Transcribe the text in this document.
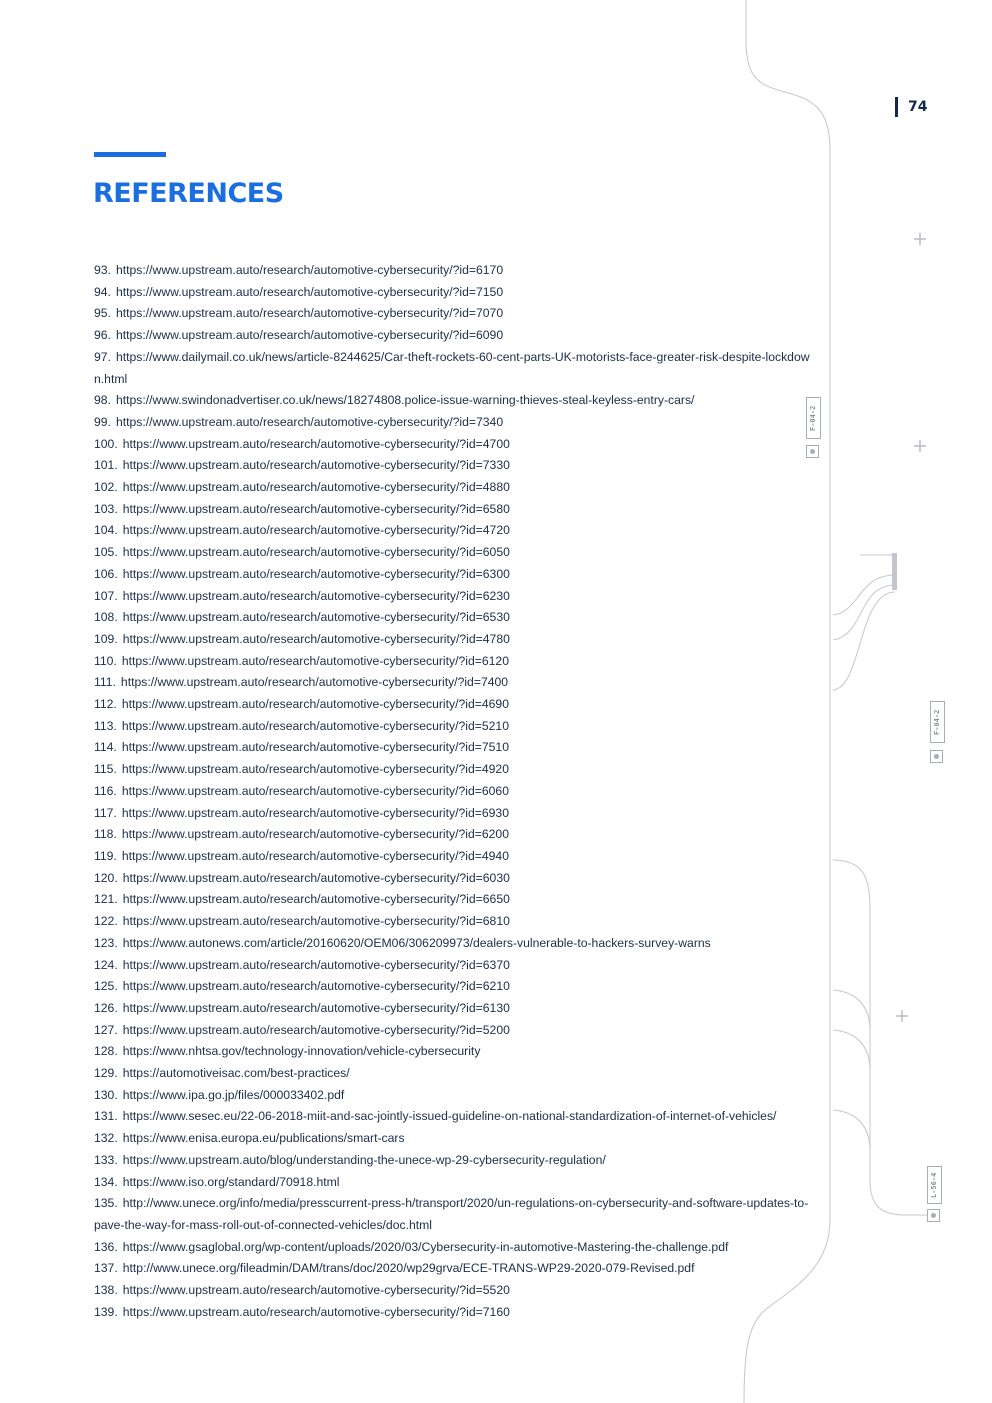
F-04-2
F-04-2
L-56-4
74
REFERENCES
93. https://www.upstream.auto/research/automotive-cybersecurity/?id=6170
94. https://www.upstream.auto/research/automotive-cybersecurity/?id=7150
95. https://www.upstream.auto/research/automotive-cybersecurity/?id=7070
96. https://www.upstream.auto/research/automotive-cybersecurity/?id=6090
97. https://www.dailymail.co.uk/news/article-8244625/Car-theft-rockets-60-cent-parts-UK-motorists-face-greater-risk-despite-lockdown.html
98. https://www.swindonadvertiser.co.uk/news/18274808.police-issue-warning-thieves-steal-keyless-entry-cars/
99. https://www.upstream.auto/research/automotive-cybersecurity/?id=7340
100. https://www.upstream.auto/research/automotive-cybersecurity/?id=4700
101. https://www.upstream.auto/research/automotive-cybersecurity/?id=7330
102. https://www.upstream.auto/research/automotive-cybersecurity/?id=4880
103. https://www.upstream.auto/research/automotive-cybersecurity/?id=6580
104. https://www.upstream.auto/research/automotive-cybersecurity/?id=4720
105. https://www.upstream.auto/research/automotive-cybersecurity/?id=6050
106. https://www.upstream.auto/research/automotive-cybersecurity/?id=6300
107. https://www.upstream.auto/research/automotive-cybersecurity/?id=6230
108. https://www.upstream.auto/research/automotive-cybersecurity/?id=6530
109. https://www.upstream.auto/research/automotive-cybersecurity/?id=4780
110. https://www.upstream.auto/research/automotive-cybersecurity/?id=6120
111. https://www.upstream.auto/research/automotive-cybersecurity/?id=7400
112. https://www.upstream.auto/research/automotive-cybersecurity/?id=4690
113. https://www.upstream.auto/research/automotive-cybersecurity/?id=5210
114. https://www.upstream.auto/research/automotive-cybersecurity/?id=7510
115. https://www.upstream.auto/research/automotive-cybersecurity/?id=4920
116. https://www.upstream.auto/research/automotive-cybersecurity/?id=6060
117. https://www.upstream.auto/research/automotive-cybersecurity/?id=6930
118. https://www.upstream.auto/research/automotive-cybersecurity/?id=6200
119. https://www.upstream.auto/research/automotive-cybersecurity/?id=4940
120. https://www.upstream.auto/research/automotive-cybersecurity/?id=6030
121. https://www.upstream.auto/research/automotive-cybersecurity/?id=6650
122. https://www.upstream.auto/research/automotive-cybersecurity/?id=6810
123. https://www.autonews.com/article/20160620/OEM06/306209973/dealers-vulnerable-to-hackers-survey-warns
124. https://www.upstream.auto/research/automotive-cybersecurity/?id=6370
125. https://www.upstream.auto/research/automotive-cybersecurity/?id=6210
126. https://www.upstream.auto/research/automotive-cybersecurity/?id=6130
127. https://www.upstream.auto/research/automotive-cybersecurity/?id=5200
128. https://www.nhtsa.gov/technology-innovation/vehicle-cybersecurity
129. https://automotiveisac.com/best-practices/
130. https://www.ipa.go.jp/files/000033402.pdf
131. https://www.sesec.eu/22-06-2018-miit-and-sac-jointly-issued-guideline-on-national-standardization-of-internet-of-vehicles/
132. https://www.enisa.europa.eu/publications/smart-cars
133. https://www.upstream.auto/blog/understanding-the-unece-wp-29-cybersecurity-regulation/
134. https://www.iso.org/standard/70918.html
135. http://www.unece.org/info/media/presscurrent-press-h/transport/2020/un-regulations-on-cybersecurity-and-software-updates-to-pave-the-way-for-mass-roll-out-of-connected-vehicles/doc.html
136. https://www.gsaglobal.org/wp-content/uploads/2020/03/Cybersecurity-in-automotive-Mastering-the-challenge.pdf
137. http://www.unece.org/fileadmin/DAM/trans/doc/2020/wp29grva/ECE-TRANS-WP29-2020-079-Revised.pdf
138. https://www.upstream.auto/research/automotive-cybersecurity/?id=5520
139. https://www.upstream.auto/research/automotive-cybersecurity/?id=7160
